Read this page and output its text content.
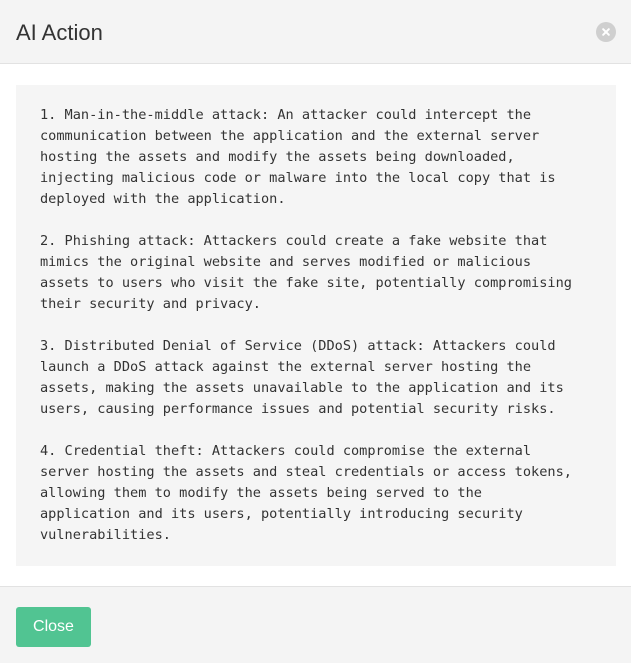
AI Action

1. Man-in-the-middle attack: An attacker could intercept the
communication between the application and the external server
hosting the assets and modify the assets being downloaded,
injecting malicious code or malware into the local copy that is
deployed with the application.

2. Phishing attack: Attackers could create a fake website that
mimics the original website and serves modified or malicious
assets to users who visit the fake site, potentially compromising
their security and privacy.

3. Distributed Denial of Service (DDoS) attack: Attackers could
launch a DDoS attack against the external server hosting the
assets, making the assets unavailable to the application and its
users, causing performance issues and potential security risks.

4. Credential theft: Attackers could compromise the external
server hosting the assets and steal credentials or access tokens,
allowing them to modify the assets being served to the
application and its users, potentially introducing security
vulnerabilities.

Close
